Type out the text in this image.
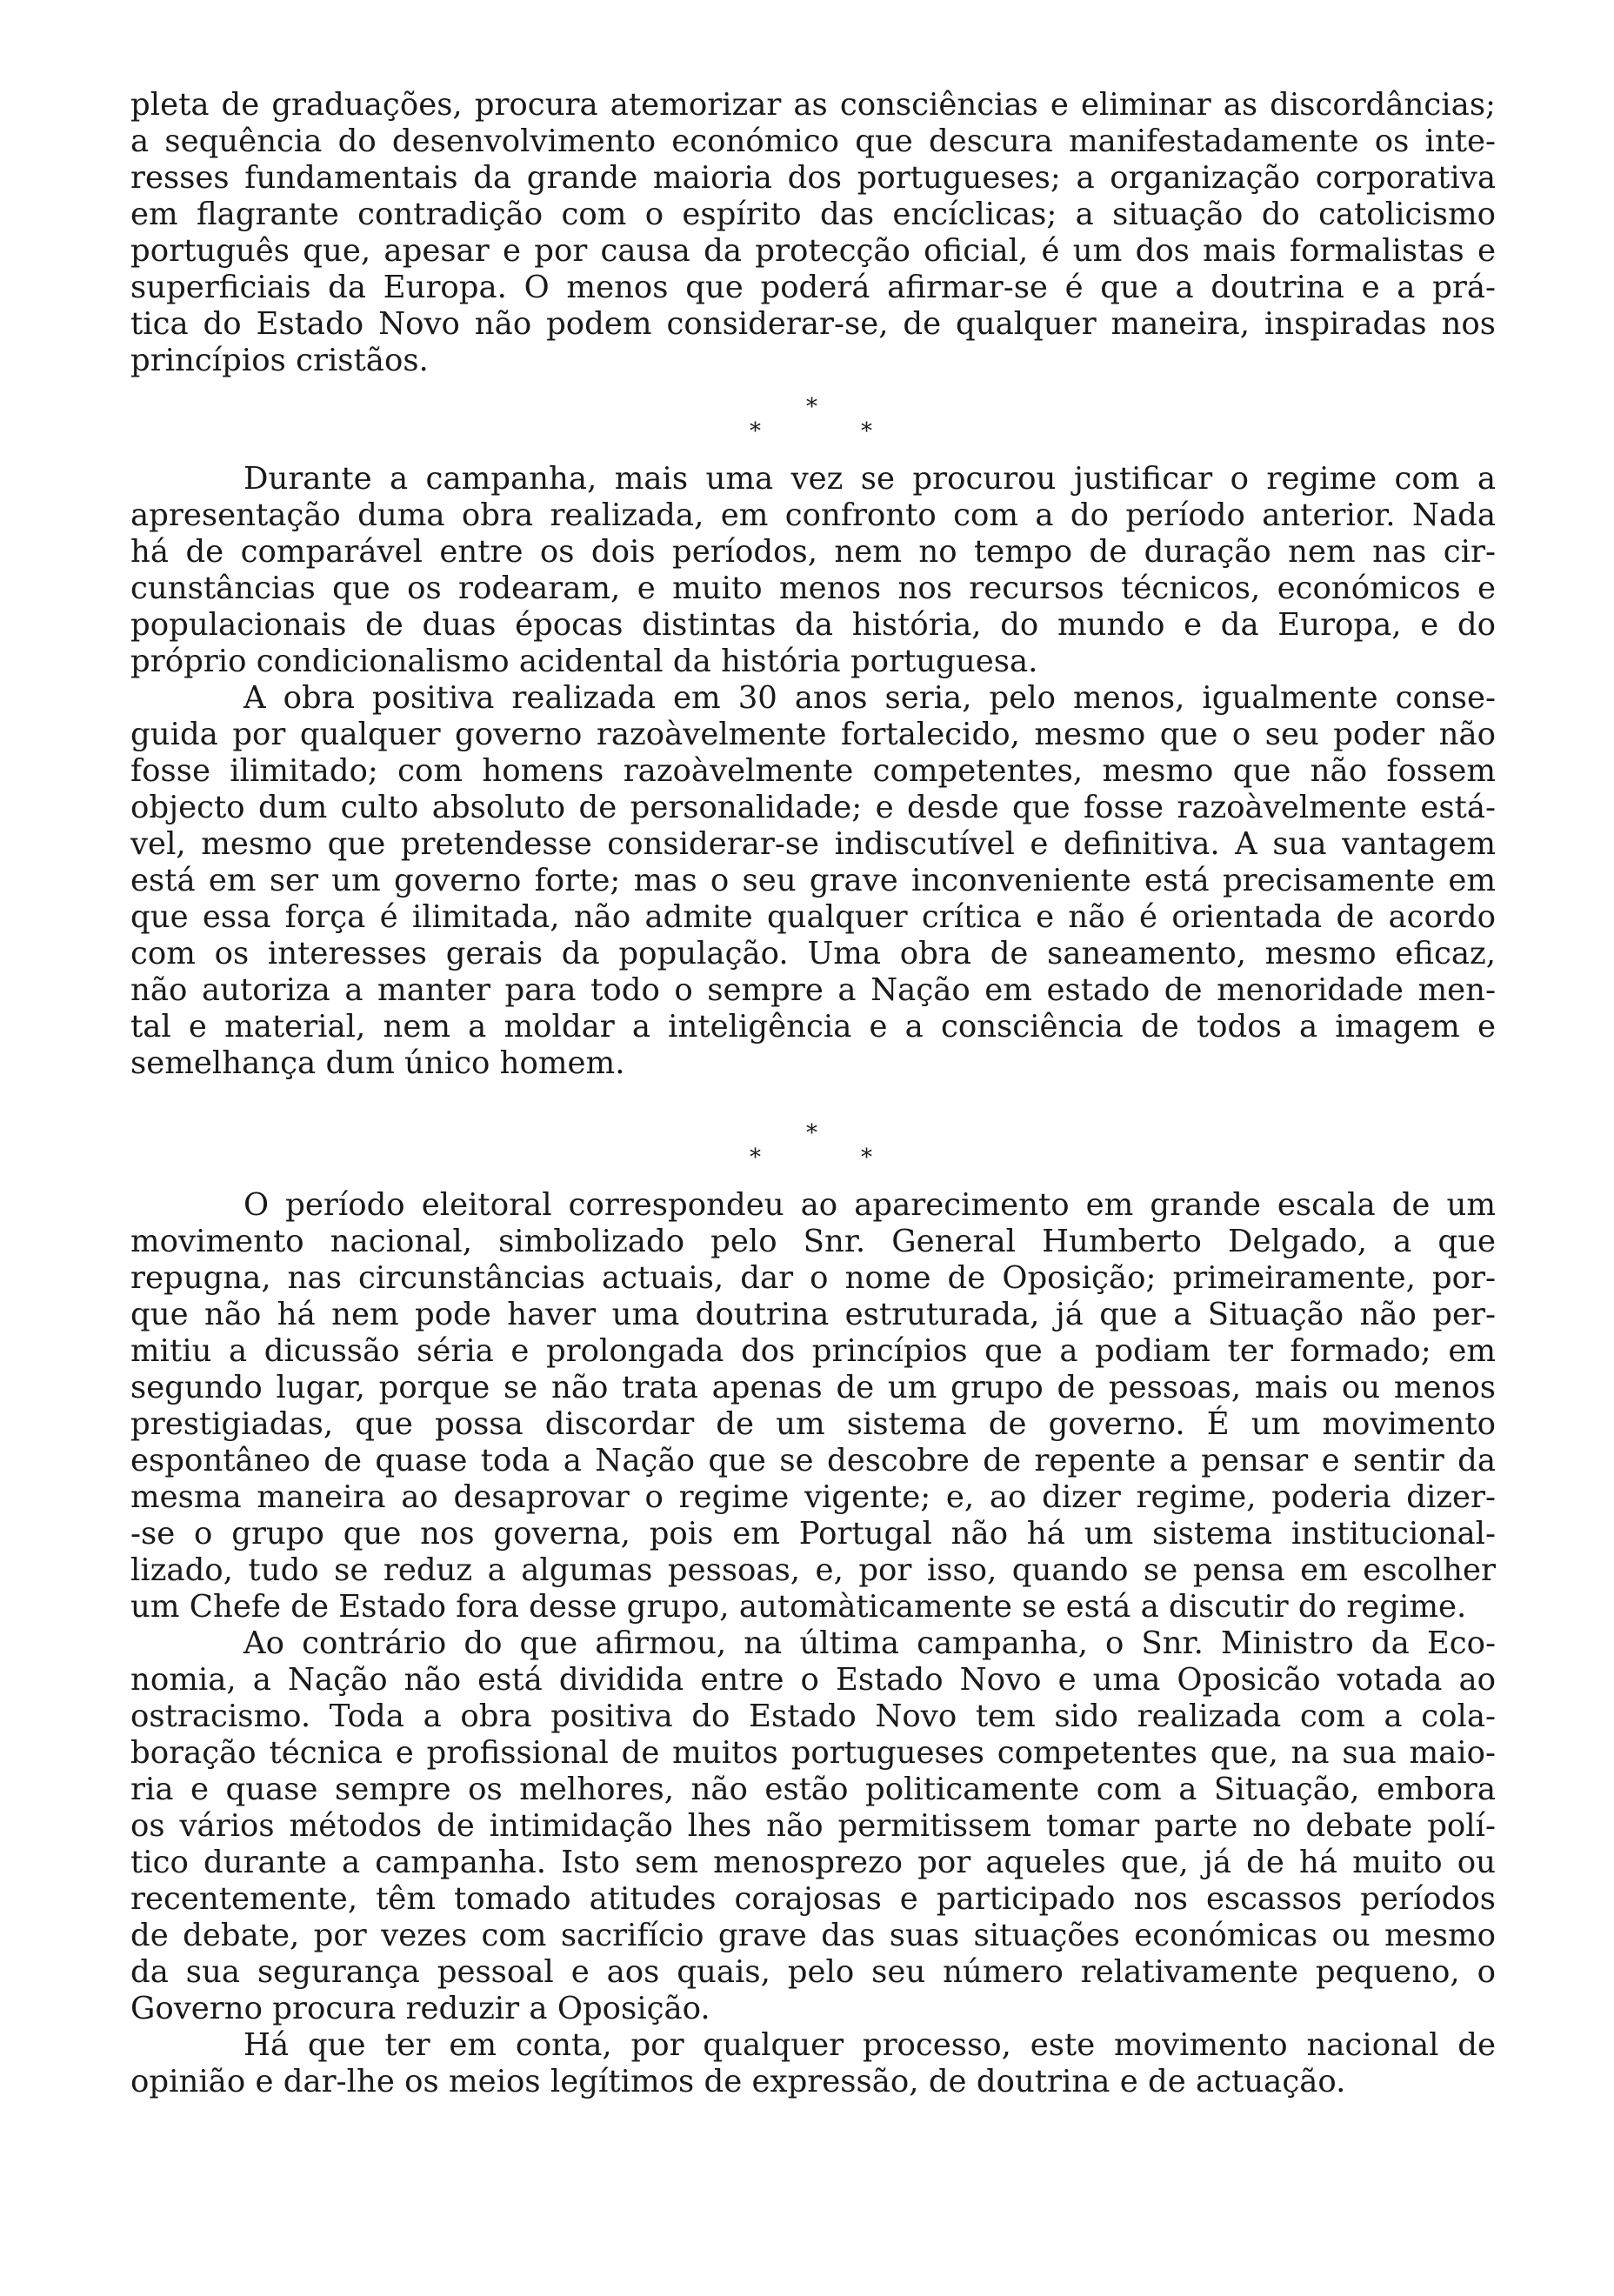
pleta de graduações, procura atemorizar as consciências e eliminar as discordâncias;
a sequência do desenvolvimento económico que descura manifestadamente os inte-
resses fundamentais da grande maioria dos portugueses; a organização corporativa
em flagrante contradição com o espírito das encíclicas; a situação do catolicismo
português que, apesar e por causa da protecção oficial, é um dos mais formalistas e
superficiais da Europa. O menos que poderá afirmar-se é que a doutrina e a prá-
tica do Estado Novo não podem considerar-se, de qualquer maneira, inspiradas nos
princípios cristãos.
*
*	*
Durante a campanha, mais uma vez se procurou justificar o regime com a
apresentação duma obra realizada, em confronto com a do período anterior. Nada
há de comparável entre os dois períodos, nem no tempo de duração nem nas cir-
cunstâncias que os rodearam, e muito menos nos recursos técnicos, económicos e
populacionais de duas épocas distintas da história, do mundo e da Europa, e do
próprio condicionalismo acidental da história portuguesa.
A obra positiva realizada em 30 anos seria, pelo menos, igualmente conse-
guida por qualquer governo razoàvelmente fortalecido, mesmo que o seu poder não
fosse ilimitado; com homens razoàvelmente competentes, mesmo que não fossem
objecto dum culto absoluto de personalidade; e desde que fosse razoàvelmente está-
vel, mesmo que pretendesse considerar-se indiscutível e definitiva. A sua vantagem
está em ser um governo forte; mas o seu grave inconveniente está precisamente em
que essa força é ilimitada, não admite qualquer crítica e não é orientada de acordo
com os interesses gerais da população. Uma obra de saneamento, mesmo eficaz,
não autoriza a manter para todo o sempre a Nação em estado de menoridade men-
tal e material, nem a moldar a inteligência e a consciência de todos a imagem e
semelhança dum único homem.
*
*	*
O período eleitoral correspondeu ao aparecimento em grande escala de um
movimento nacional, simbolizado pelo Snr. General Humberto Delgado, a que
repugna, nas circunstâncias actuais, dar o nome de Oposição; primeiramente, por-
que não há nem pode haver uma doutrina estruturada, já que a Situação não per-
mitiu a dicussão séria e prolongada dos princípios que a podiam ter formado; em
segundo lugar, porque se não trata apenas de um grupo de pessoas, mais ou menos
prestigiadas, que possa discordar de um sistema de governo. É um movimento
espontâneo de quase toda a Nação que se descobre de repente a pensar e sentir da
mesma maneira ao desaprovar o regime vigente; e, ao dizer regime, poderia dizer-
-se o grupo que nos governa, pois em Portugal não há um sistema institucional-
lizado, tudo se reduz a algumas pessoas, e, por isso, quando se pensa em escolher
um Chefe de Estado fora desse grupo, automàticamente se está a discutir do regime.
Ao contrário do que afirmou, na última campanha, o Snr. Ministro da Eco-
nomia, a Nação não está dividida entre o Estado Novo e uma Oposicão votada ao
ostracismo. Toda a obra positiva do Estado Novo tem sido realizada com a cola-
boração técnica e profissional de muitos portugueses competentes que, na sua maio-
ria e quase sempre os melhores, não estão politicamente com a Situação, embora
os vários métodos de intimidação lhes não permitissem tomar parte no debate polí-
tico durante a campanha. Isto sem menosprezo por aqueles que, já de há muito ou
recentemente, têm tomado atitudes corajosas e participado nos escassos períodos
de debate, por vezes com sacrifício grave das suas situações económicas ou mesmo
da sua segurança pessoal e aos quais, pelo seu número relativamente pequeno, o
Governo procura reduzir a Oposição.
Há que ter em conta, por qualquer processo, este movimento nacional de
opinião e dar-lhe os meios legítimos de expressão, de doutrina e de actuação.
